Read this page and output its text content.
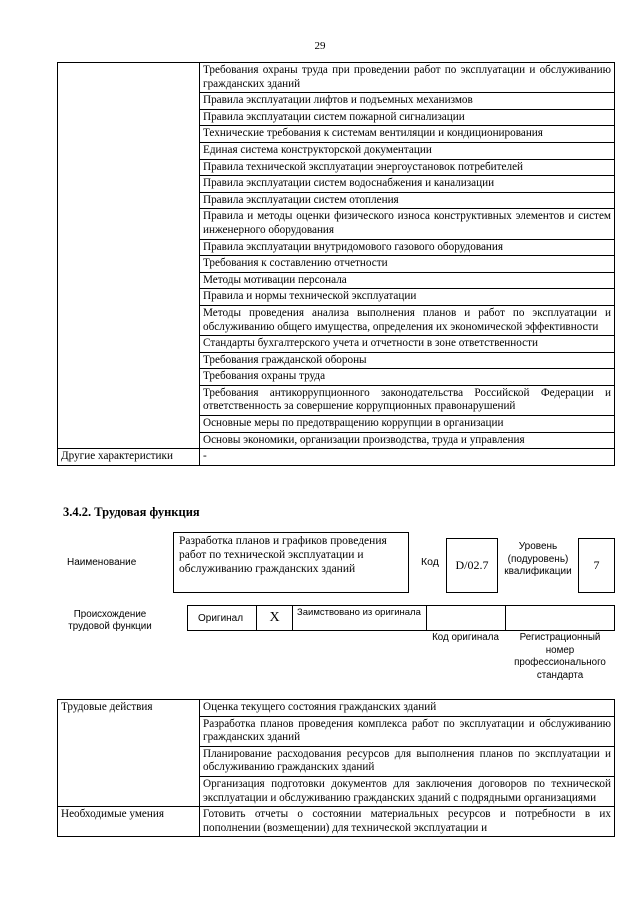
29
	Требования охраны труда при проведении работ по эксплуатации и обслуживанию гражданских зданий
	Правила эксплуатации лифтов и подъемных механизмов
	Правила эксплуатации систем пожарной сигнализации
	Технические требования к системам вентиляции и кондиционирования
	Единая система конструкторской документации
	Правила технической эксплуатации энергоустановок потребителей
	Правила эксплуатации систем водоснабжения и канализации
	Правила эксплуатации систем отопления
	Правила и методы оценки физического износа конструктивных элементов и систем инженерного оборудования
	Правила эксплуатации внутридомового газового оборудования
	Требования к составлению отчетности
	Методы мотивации персонала
	Правила и нормы технической эксплуатации
	Методы проведения анализа выполнения планов и работ по эксплуатации и обслуживанию общего имущества, определения их экономической эффективности
	Стандарты бухгалтерского учета и отчетности в зоне ответственности
	Требования гражданской обороны
	Требования охраны труда
	Требования антикоррупционного законодательства Российской Федерации и ответственность за совершение коррупционных правонарушений
	Основные меры по предотвращению коррупции в организации
	Основы экономики, организации производства, труда и управления
Другие характеристики	-
3.4.2. Трудовая функция
Наименование
Разработка планов и графиков проведения работ по технической эксплуатации и обслуживанию гражданских зданий
Код	D/02.7
Уровень (подуровень) квалификации	7
Происхождение трудовой функции
Оригинал	X	Заимствовано из оригинала
Код оригинала	Регистрационный номер профессионального стандарта
Трудовые действия	Оценка текущего состояния гражданских зданий
	Разработка планов проведения комплекса работ по эксплуатации и обслуживанию гражданских зданий
	Планирование расходования ресурсов для выполнения планов по эксплуатации и обслуживанию гражданских зданий
	Организация подготовки документов для заключения договоров по технической эксплуатации и обслуживанию гражданских зданий с подрядными организациями
Необходимые умения	Готовить отчеты о состоянии материальных ресурсов и потребности в их пополнении (возмещении) для технической эксплуатации и
